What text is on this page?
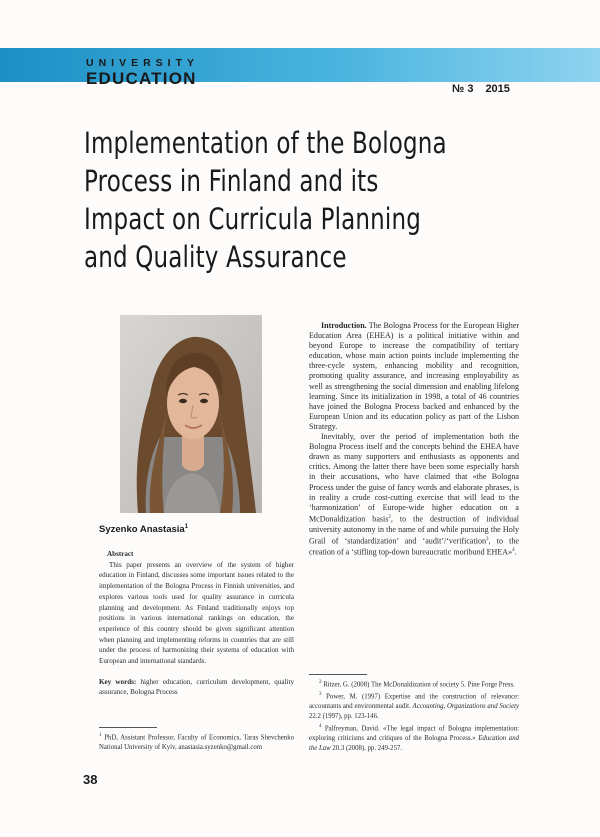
UNIVERSITY
EDUCATION
№ 3 2015
Implementation of the Bologna
Process in Finland and its
Impact on Curricula Planning
and Quality Assurance
Syzenko Anastasia$^1$
Abstract
This paper presents an overview of the system of higher education in Finland, discusses some important issues related to the implementation of the Bologna Process in Finnish universities, and explores various tools used for quality assurance in curricula planning and development. As Finland traditionally enjoys top positions in various international rankings on education, the experience of this country should be given significant attention when planning and implementing reforms in countries that are still under the process of harmonizing their systems of education with European and international standards.
Key words: higher education, curriculum development, quality assurance, Bologna Process
$^1$ PhD, Assistant Professor, Faculty of Economics, Taras Shevchenko National University of Kyiv, anastasia.syzenko@gmail.com

Introduction. The Bologna Process for the European Higher Education Area (EHEA) is a political initiative within and beyond Europe to increase the compatibility of tertiary education, whose main action points include implementing the three-cycle system, enhancing mobility and recognition, promoting quality assurance, and increasing employability as well as strengthening the social dimension and enabling lifelong learning. Since its initialization in 1998, a total of 46 countries have joined the Bologna Process backed and enhanced by the European Union and its education policy as part of the Lisbon Strategy.

Inevitably, over the period of implementation both the Bologna Process itself and the concepts behind the EHEA have drawn as many supporters and enthusiasts as opponents and critics. Among the latter there have been some especially harsh in their accusations, who have claimed that «the Bologna Process under the guise of fancy words and elaborate phrases, is in reality a crude cost-cutting exercise that will lead to the ‘harmonization’ of Europe-wide higher education on a McDonaldization basis$^2$, to the destruction of individual university autonomy in the name of and while pursuing the Holy Grail of ‘standardization’ and ‘audit’/‘verification$^3$, to the creation of a ‘stifling top-down bureaucratic moribund EHEA»$^4$.

$^2$ Ritzer, G. (2008) The McDonaldization of society 5. Pine Forge Press.

$^3$ Power, M. (1997) Expertise and the construction of relevance: accountants and environmental audit. Accounting, Organizations and Society 22.2 (1997), pp. 123-146.

$^4$ Palfreyman, David. «The legal impact of Bologna implementation: exploring criticisms and critiques of the Bologna Process.» Education and the Law 20.3 (2008), pp. 249-257.

38
